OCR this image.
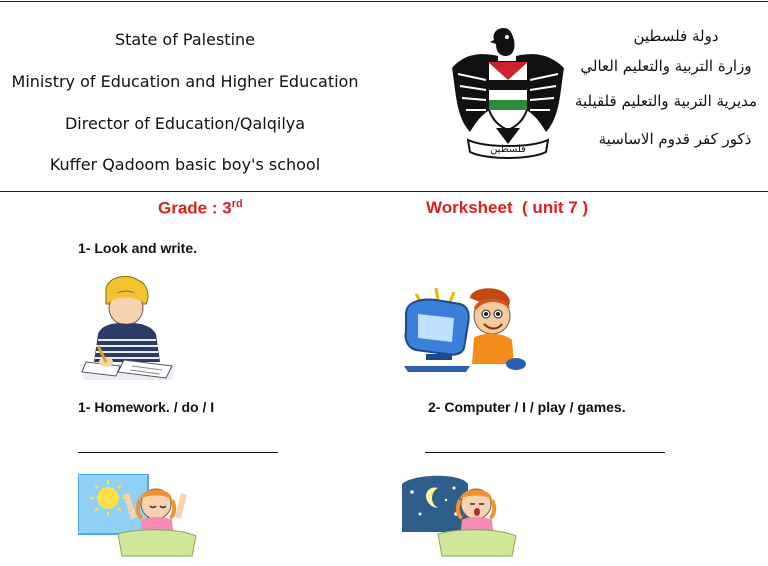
State of Palestine
Ministry of Education and Higher Education
Director of Education/Qalqilya
Kuffer Qadoom basic boy's school
فلسطين
دولة فلسطين
وزارة التربية والتعليم العالي
مديرية التربية والتعليم قلقيلية
ذكور كفر قدوم الاساسية
Grade : 3rd	Worksheet  ( unit 7 )
1- Look and write.
1- Homework. / do / I	2- Computer / I / play / games.
